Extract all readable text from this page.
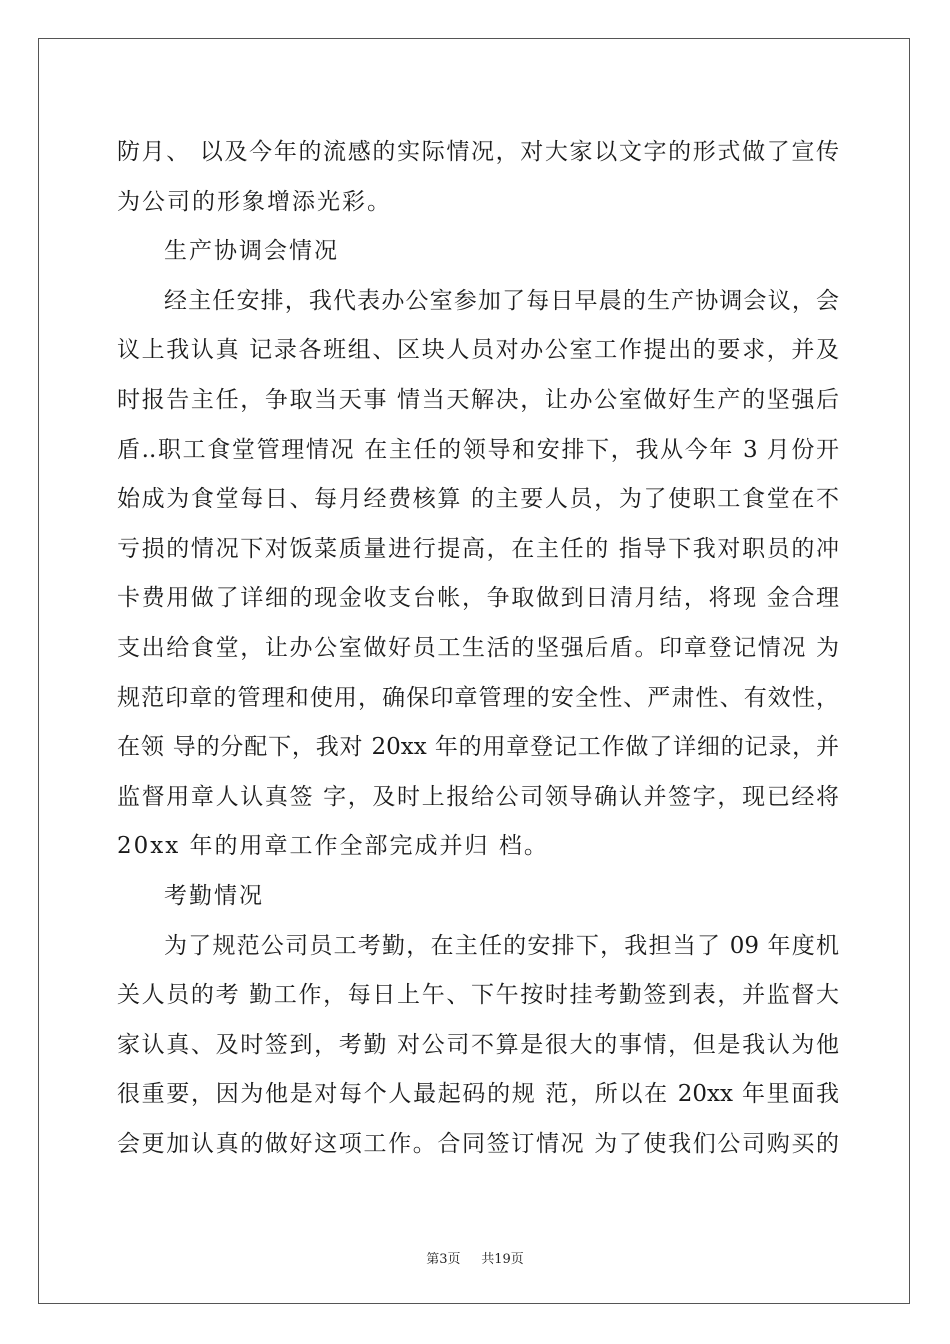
防月、 以及今年的流感的实际情况，对大家以文字的形式做了宣传
为公司的形象增添光彩。
生产协调会情况
经主任安排，我代表办公室参加了每日早晨的生产协调会议，会
议上我认真 记录各班组、区块人员对办公室工作提出的要求，并及
时报告主任，争取当天事 情当天解决，让办公室做好生产的坚强后
盾..职工食堂管理情况 在主任的领导和安排下，我从今年 3 月份开
始成为食堂每日、每月经费核算 的主要人员，为了使职工食堂在不
亏损的情况下对饭菜质量进行提高，在主任的 指导下我对职员的冲
卡费用做了详细的现金收支台帐，争取做到日清月结，将现 金合理
支出给食堂，让办公室做好员工生活的坚强后盾。印章登记情况 为
规范印章的管理和使用，确保印章管理的安全性、严肃性、有效性，
在领 导的分配下，我对 20xx 年的用章登记工作做了详细的记录，并
监督用章人认真签 字，及时上报给公司领导确认并签字，现已经将
20xx 年的用章工作全部完成并归 档。
考勤情况
为了规范公司员工考勤，在主任的安排下，我担当了 09 年度机
关人员的考 勤工作，每日上午、下午按时挂考勤签到表，并监督大
家认真、及时签到，考勤 对公司不算是很大的事情，但是我认为他
很重要，因为他是对每个人最起码的规 范，所以在 20xx 年里面我
会更加认真的做好这项工作。合同签订情况 为了使我们公司购买的
第3页 共19页
